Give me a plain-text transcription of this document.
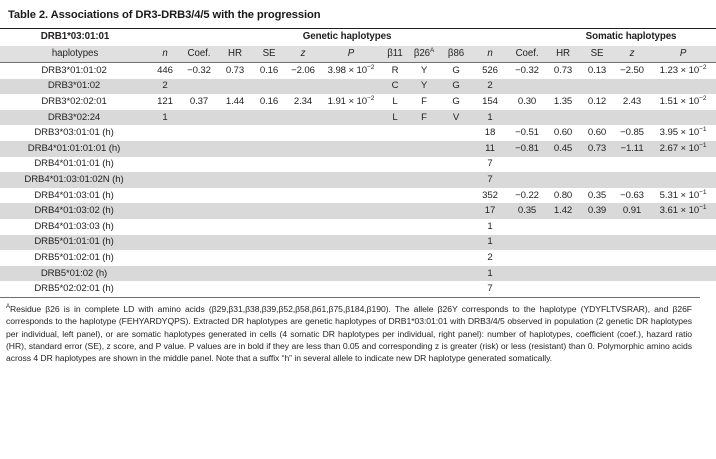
Table 2. Associations of DR3-DRB3/4/5 with the progression
DRB1*03:01:01					Genetic haplotypes							Somatic haplotypes			
haplotypes	n	Coef.	HR	SE	z	P	β11	$\beta 26^A$	β86	n	Coef.	HR	SE	z	P
DRB3*01:01:02	446	−0.32	0.73	0.16	−2.06	$3.98 \times 10^{-2}$	R	Y	G	526	−0.32	0.73	0.13	−2.50	$1.23 \times 10^{-2}$
DRB3*01:02	2						C	Y	G	2					
DRB3*02:02:01	121	0.37	1.44	0.16	2.34	$1.91 \times 10^{-2}$	L	F	G	154	0.30	1.35	0.12	2.43	$1.51 \times 10^{-2}$
DRB3*02:24	1						L	F	V	1					
DRB3*03:01:01 (h)										18	−0.51	0.60	0.60	−0.85	$3.95 \times 10^{-1}$
DRB4*01:01:01:01 (h)										11	−0.81	0.45	0.73	−1.11	$2.67 \times 10^{-1}$
DRB4*01:01:01 (h)										7					
DRB4*01:03:01:02N (h)										7					
DRB4*01:03:01 (h)										352	−0.22	0.80	0.35	−0.63	$5.31 \times 10^{-1}$
DRB4*01:03:02 (h)										17	0.35	1.42	0.39	0.91	$3.61 \times 10^{-1}$
DRB4*01:03:03 (h)										1					
DRB5*01:01:01 (h)										1					
DRB5*01:02:01 (h)										2					
DRB5*01:02 (h)										1					
DRB5*02:02:01 (h)										7					
$^A$Residue β26 is in complete LD with amino acids (β29,β31,β38,β39,β52,β58,β61,β75,β184,β190). The allele β26Y corresponds to the haplotype (YDYFLTVSRAR), and β26F corresponds to the haplotype (FEHYARDYQPS). Extracted DR haplotypes are genetic haplotypes of DRB1*03:01:01 with DRB3/4/5 observed in population (2 genetic DR haplotypes per individual, left panel), or are somatic haplotypes generated in cells (4 somatic DR haplotypes per individual, right panel): number of haplotypes, coefficient (coef.), hazard ratio (HR), standard error (SE), z score, and P value. P values are in bold if they are less than 0.05 and corresponding z is greater (risk) or less (resistant) than 0. Polymorphic amino acids across 4 DR haplotypes are shown in the middle panel. Note that a suffix “h” in several allele to indicate new DR haplotype generated somatically.
